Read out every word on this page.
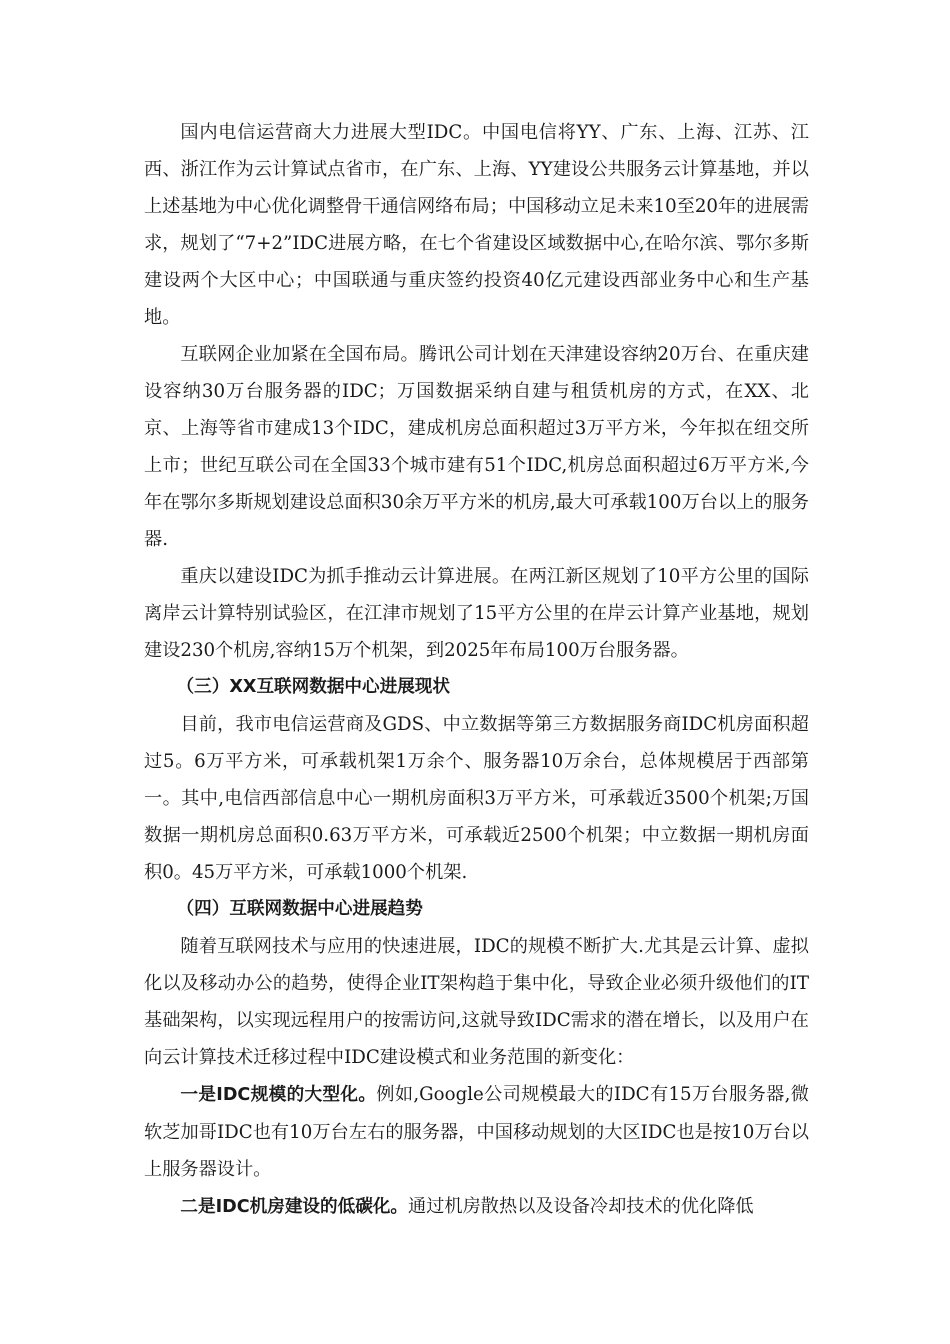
国内电信运营商大力进展大型IDC。中国电信将YY、广东、上海、江苏、江西、浙江作为云计算试点省市，在广东、上海、YY建设公共服务云计算基地，并以上述基地为中心优化调整骨干通信网络布局；中国移动立足未来10至20年的进展需求，规划了“7+2”IDC进展方略，在七个省建设区域数据中心,在哈尔滨、鄂尔多斯建设两个大区中心；中国联通与重庆签约投资40亿元建设西部业务中心和生产基地。

互联网企业加紧在全国布局。腾讯公司计划在天津建设容纳20万台、在重庆建设容纳30万台服务器的IDC；万国数据采纳自建与租赁机房的方式，在XX、北京、上海等省市建成13个IDC，建成机房总面积超过3万平方米，今年拟在纽交所上市；世纪互联公司在全国33个城市建有51个IDC,机房总面积超过6万平方米,今年在鄂尔多斯规划建设总面积30余万平方米的机房,最大可承载100万台以上的服务器.

重庆以建设IDC为抓手推动云计算进展。在两江新区规划了10平方公里的国际离岸云计算特别试验区，在江津市规划了15平方公里的在岸云计算产业基地，规划建设230个机房,容纳15万个机架，到2025年布局100万台服务器。

（三）XX互联网数据中心进展现状

目前，我市电信运营商及GDS、中立数据等第三方数据服务商IDC机房面积超过5。6万平方米，可承载机架1万余个、服务器10万余台，总体规模居于西部第一。其中,电信西部信息中心一期机房面积3万平方米，可承载近3500个机架;万国数据一期机房总面积0.63万平方米，可承载近2500个机架；中立数据一期机房面积0。45万平方米，可承载1000个机架.

（四）互联网数据中心进展趋势

随着互联网技术与应用的快速进展，IDC的规模不断扩大.尤其是云计算、虚拟化以及移动办公的趋势，使得企业IT架构趋于集中化，导致企业必须升级他们的IT基础架构，以实现远程用户的按需访问,这就导致IDC需求的潜在增长，以及用户在向云计算技术迁移过程中IDC建设模式和业务范围的新变化：

一是IDC规模的大型化。例如,Google公司规模最大的IDC有15万台服务器,微软芝加哥IDC也有10万台左右的服务器，中国移动规划的大区IDC也是按10万台以上服务器设计。

二是IDC机房建设的低碳化。通过机房散热以及设备冷却技术的优化降低
